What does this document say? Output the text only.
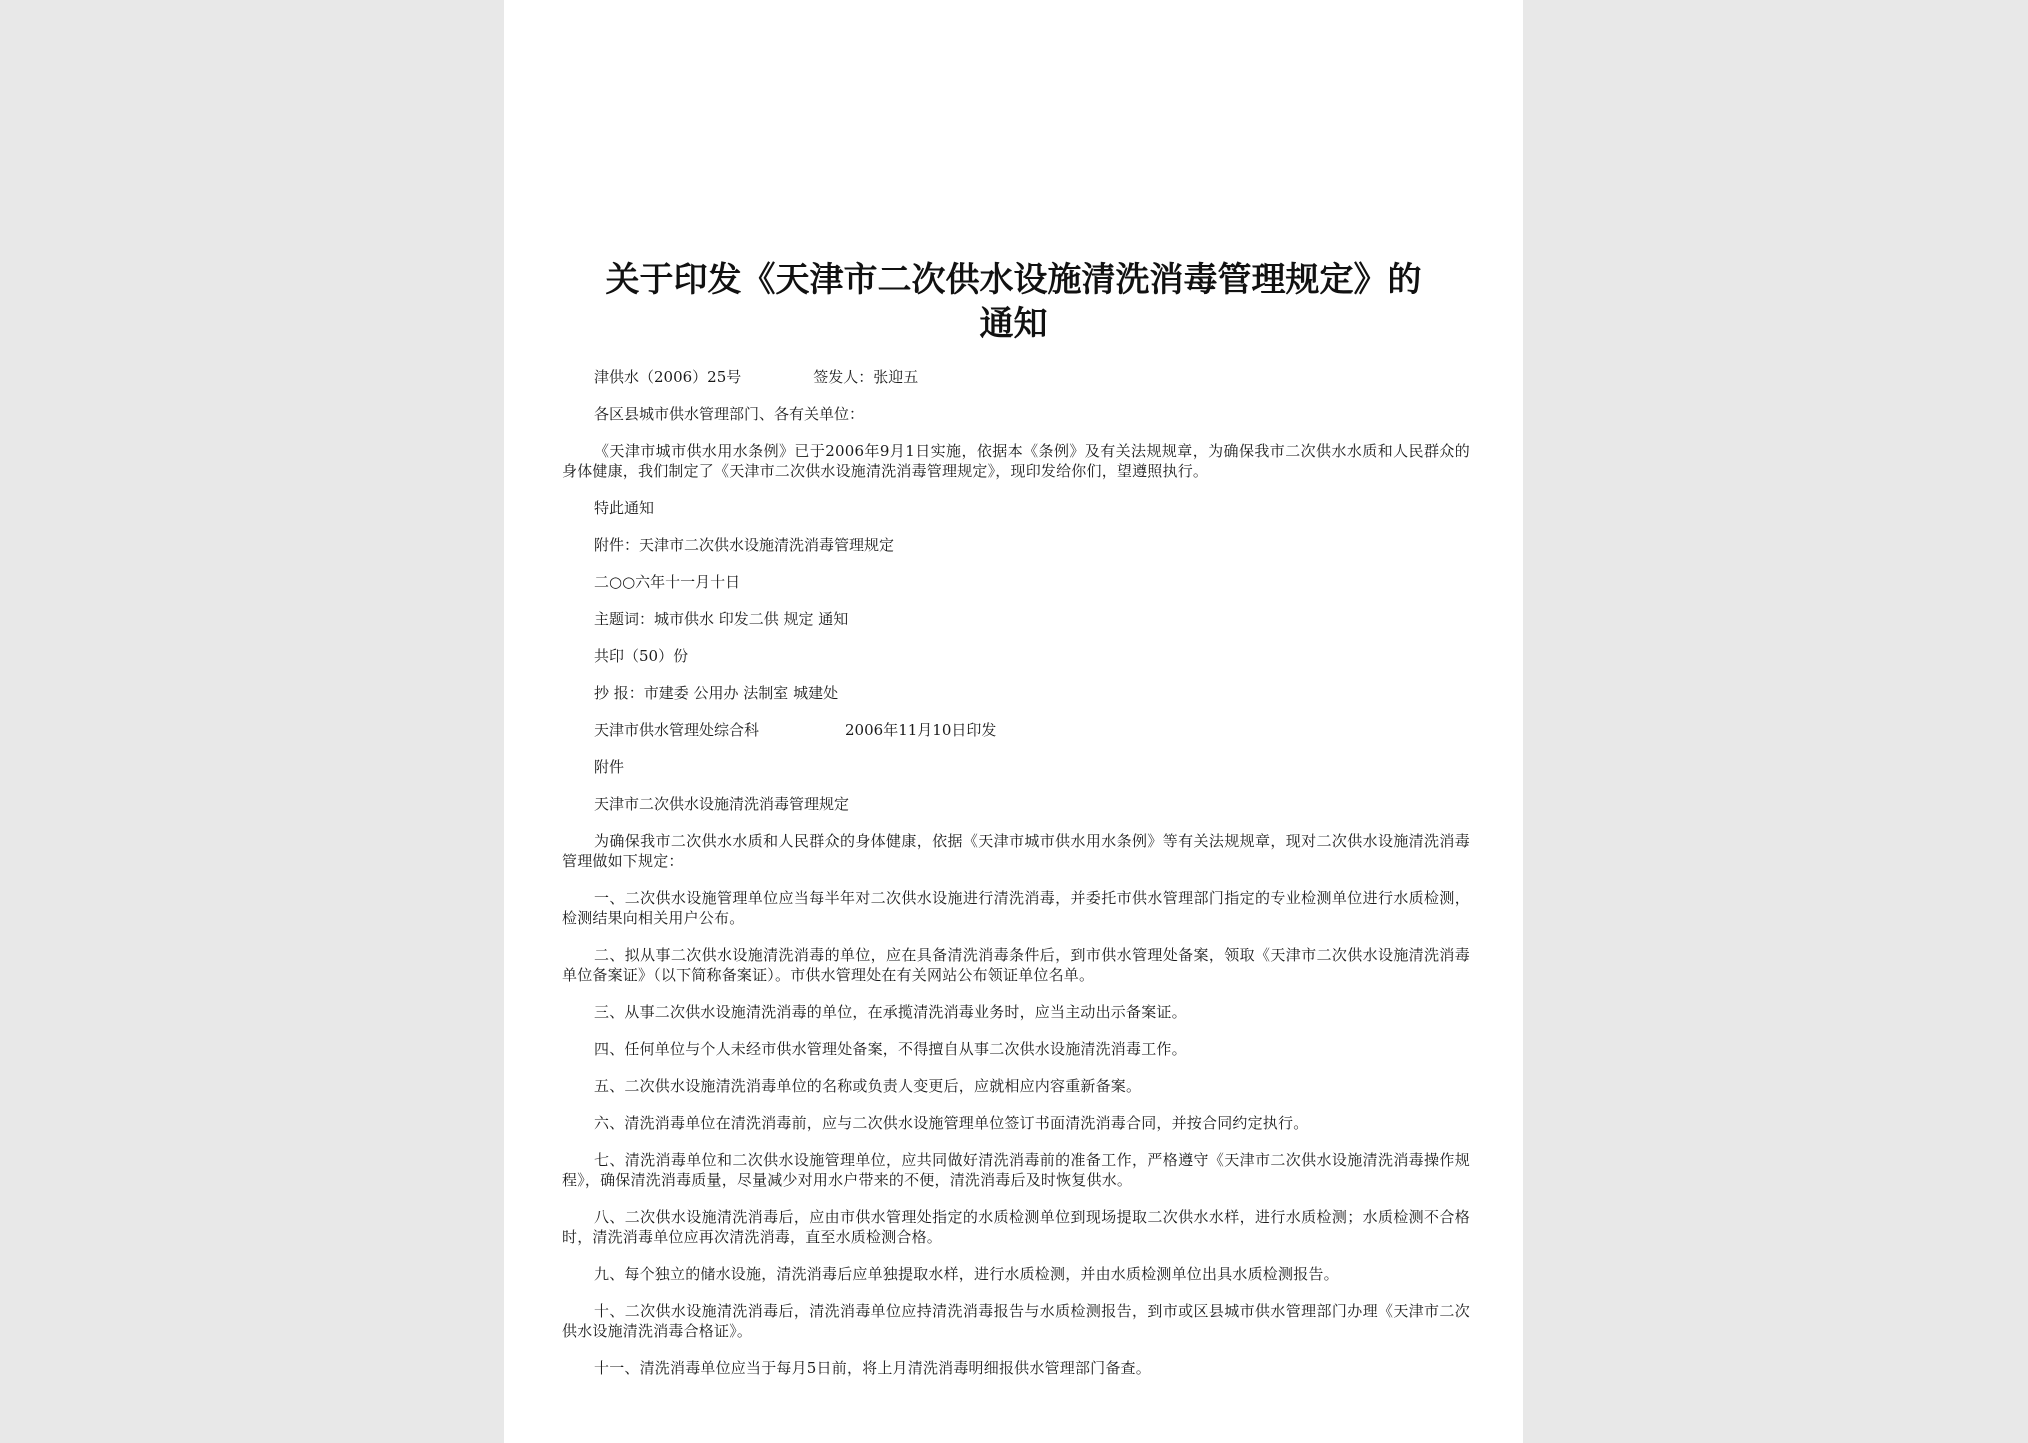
关于印发《天津市二次供水设施清洗消毒管理规定》的
通知
津供水（2006）25号	签发人：张迎五
各区县城市供水管理部门、各有关单位：
《天津市城市供水用水条例》已于2006年9月1日实施，依据本《条例》及有关法规规章，为确保我市二次供水水质和人民群众的身体健康，我们制定了《天津市二次供水设施清洗消毒管理规定》，现印发给你们，望遵照执行。
特此通知
附件：天津市二次供水设施清洗消毒管理规定
二○○六年十一月十日
主题词：城市供水 印发二供 规定 通知
共印（50）份
抄 报：市建委 公用办 法制室 城建处
天津市供水管理处综合科	2006年11月10日印发
附件
天津市二次供水设施清洗消毒管理规定
为确保我市二次供水水质和人民群众的身体健康，依据《天津市城市供水用水条例》等有关法规规章，现对二次供水设施清洗消毒管理做如下规定：
一、二次供水设施管理单位应当每半年对二次供水设施进行清洗消毒，并委托市供水管理部门指定的专业检测单位进行水质检测，检测结果向相关用户公布。
二、拟从事二次供水设施清洗消毒的单位，应在具备清洗消毒条件后，到市供水管理处备案，领取《天津市二次供水设施清洗消毒单位备案证》（以下简称备案证）。市供水管理处在有关网站公布领证单位名单。
三、从事二次供水设施清洗消毒的单位，在承揽清洗消毒业务时，应当主动出示备案证。
四、任何单位与个人未经市供水管理处备案，不得擅自从事二次供水设施清洗消毒工作。
五、二次供水设施清洗消毒单位的名称或负责人变更后，应就相应内容重新备案。
六、清洗消毒单位在清洗消毒前，应与二次供水设施管理单位签订书面清洗消毒合同，并按合同约定执行。
七、清洗消毒单位和二次供水设施管理单位，应共同做好清洗消毒前的准备工作，严格遵守《天津市二次供水设施清洗消毒操作规程》，确保清洗消毒质量，尽量减少对用水户带来的不便，清洗消毒后及时恢复供水。
八、二次供水设施清洗消毒后，应由市供水管理处指定的水质检测单位到现场提取二次供水水样，进行水质检测；水质检测不合格时，清洗消毒单位应再次清洗消毒，直至水质检测合格。
九、每个独立的储水设施，清洗消毒后应单独提取水样，进行水质检测，并由水质检测单位出具水质检测报告。
十、二次供水设施清洗消毒后，清洗消毒单位应持清洗消毒报告与水质检测报告，到市或区县城市供水管理部门办理《天津市二次供水设施清洗消毒合格证》。
十一、清洗消毒单位应当于每月5日前，将上月清洗消毒明细报供水管理部门备查。
